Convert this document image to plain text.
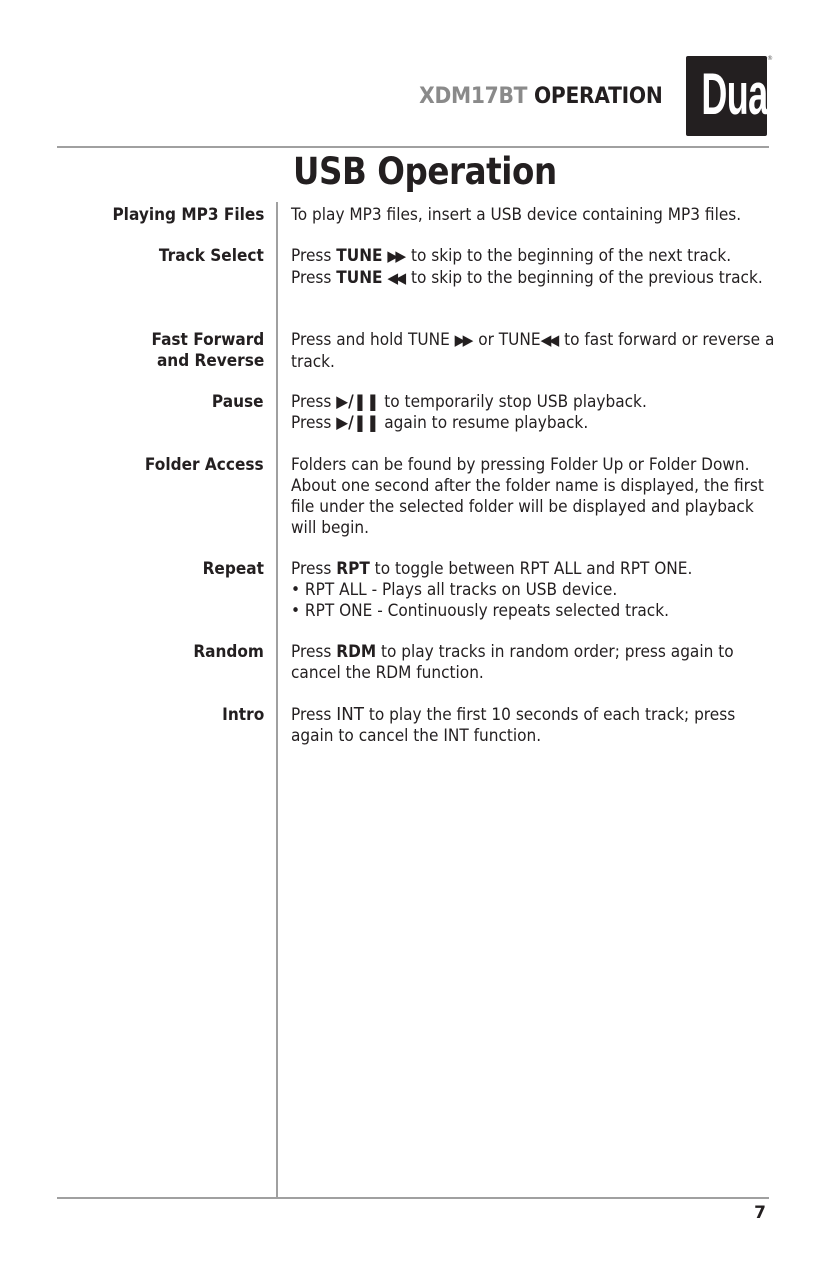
XDM17BT OPERATION Dual
®
USB Operation
Playing MP3 Files To play MP3 files, insert a USB device containing MP3 files.

Track Select Press TUNE ▶▶ to skip to the beginning of the next track.

Press TUNE ◀◀ to skip to the beginning of the previous track.

Fast Forward
and Reverse

Press and hold TUNE ▶▶ or TUNE◀◀ to fast forward or reverse a track.

Pause Press ▶/❚❚ to temporarily stop USB playback.

Press ▶/❚❚ again to resume playback.

Folder Access Folders can be found by pressing Folder Up or Folder Down. About one second after the folder name is displayed, the first file under the selected folder will be displayed and playback will begin.

Repeat Press RPT to toggle between RPT ALL and RPT ONE.

• RPT ALL - Plays all tracks on USB device.

• RPT ONE - Continuously repeats selected track.

Random Press RDM to play tracks in random order; press again to cancel the RDM function.

Intro Press INT to play the first 10 seconds of each track; press again to cancel the INT function.

7
